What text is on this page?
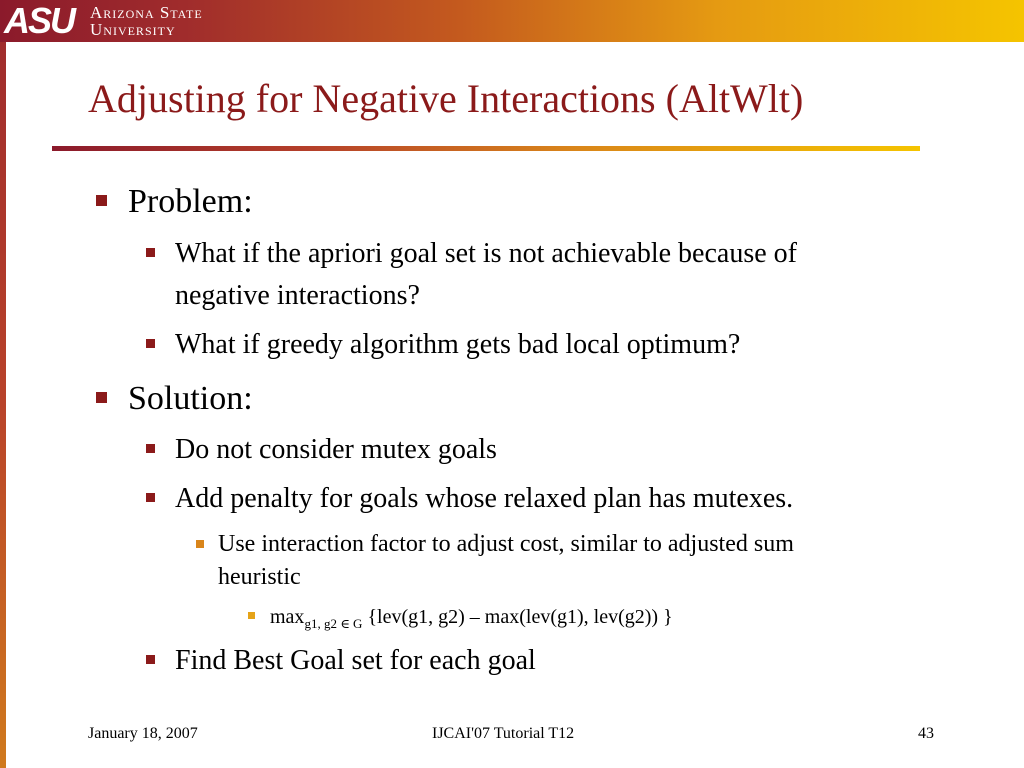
ASU Arizona State
University
Adjusting for Negative Interactions (AltWlt)
Problem:
What if the apriori goal set is not achievable because of
negative interactions?
What if greedy algorithm gets bad local optimum?
Solution:
Do not consider mutex goals
Add penalty for goals whose relaxed plan has mutexes.
Use interaction factor to adjust cost, similar to adjusted sum
heuristic
$\max_{g1, g2 \in G} \{lev(g1$, g2) – max(lev(g1), lev(g2)) }
Find Best Goal set for each goal
January 18, 2007	IJCAI'07 Tutorial T12	43
